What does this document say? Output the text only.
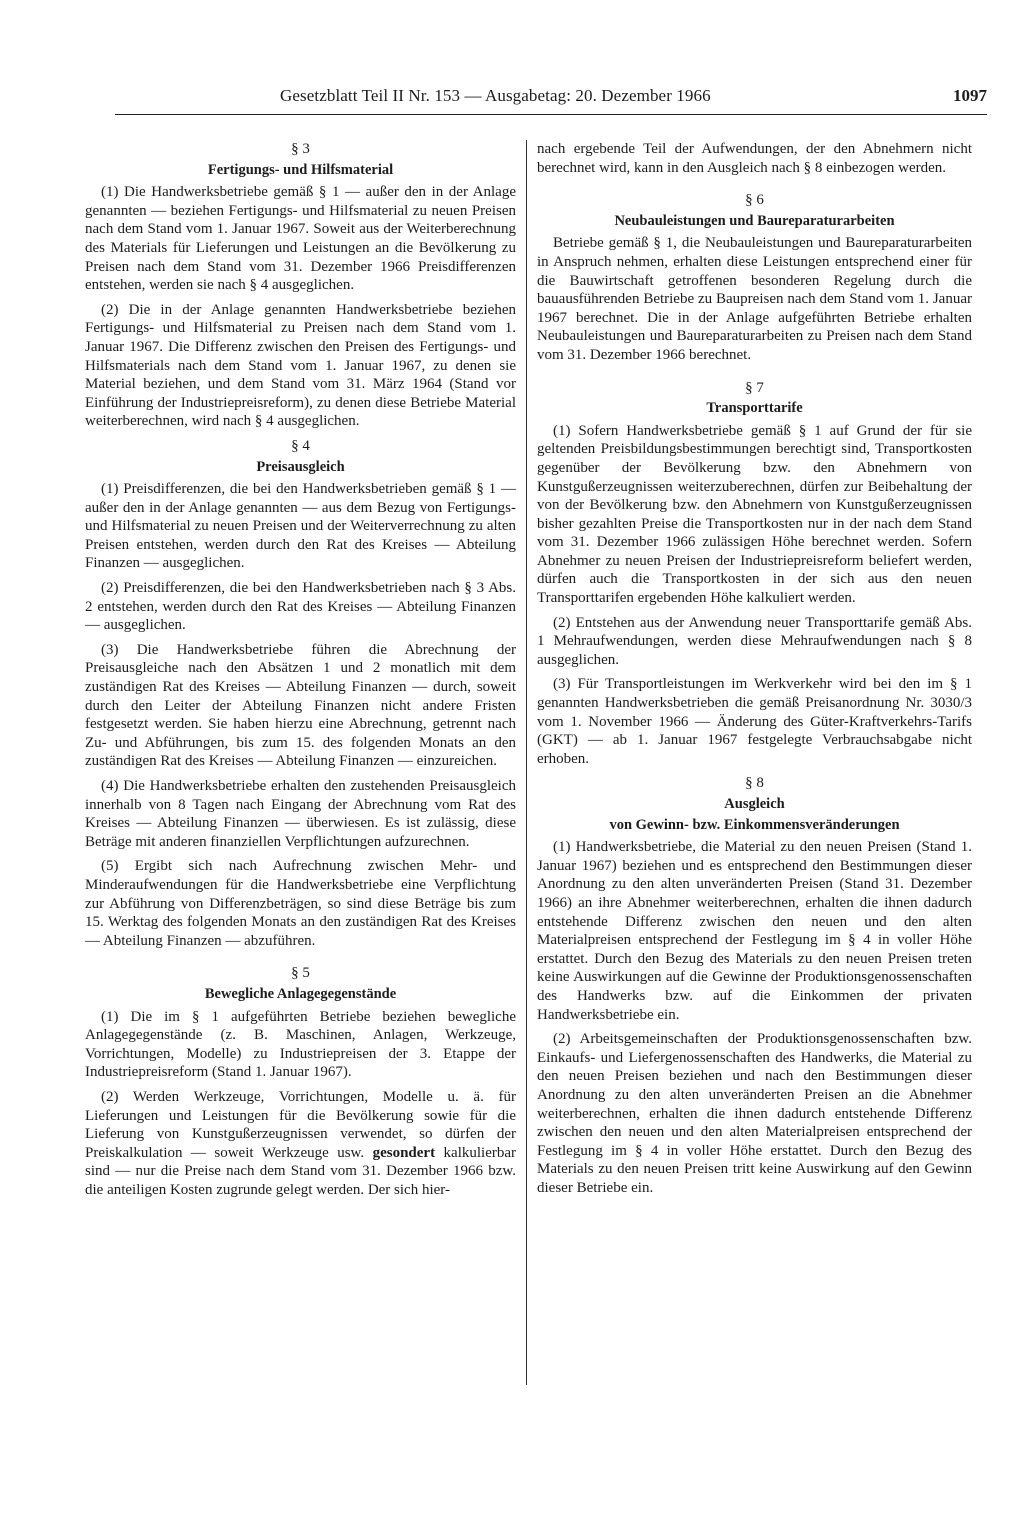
Gesetzblatt Teil II Nr. 153 — Ausgabetag: 20. Dezember 1966	1097
§ 3
Fertigungs- und Hilfsmaterial

(1) Die Handwerksbetriebe gemäß § 1 — außer den in der Anlage genannten — beziehen Fertigungs- und Hilfsmaterial zu neuen Preisen nach dem Stand vom 1. Januar 1967. Soweit aus der Weiterberechnung des Materials für Lieferungen und Leistungen an die Bevölkerung zu Preisen nach dem Stand vom 31. Dezember 1966 Preisdifferenzen entstehen, werden sie nach § 4 ausgeglichen.

(2) Die in der Anlage genannten Handwerksbetriebe beziehen Fertigungs- und Hilfsmaterial zu Preisen nach dem Stand vom 1. Januar 1967. Die Differenz zwischen den Preisen des Fertigungs- und Hilfsmaterials nach dem Stand vom 1. Januar 1967, zu denen sie Material beziehen, und dem Stand vom 31. März 1964 (Stand vor Einführung der Industriepreisreform), zu denen diese Betriebe Material weiterberechnen, wird nach § 4 ausgeglichen.

§ 4
Preisausgleich

(1) Preisdifferenzen, die bei den Handwerksbetrieben gemäß § 1 — außer den in der Anlage genannten — aus dem Bezug von Fertigungs- und Hilfsmaterial zu neuen Preisen und der Weiterverrechnung zu alten Preisen entstehen, werden durch den Rat des Kreises — Abteilung Finanzen — ausgeglichen.

(2) Preisdifferenzen, die bei den Handwerksbetrieben nach § 3 Abs. 2 entstehen, werden durch den Rat des Kreises — Abteilung Finanzen — ausgeglichen.

(3) Die Handwerksbetriebe führen die Abrechnung der Preisausgleiche nach den Absätzen 1 und 2 monatlich mit dem zuständigen Rat des Kreises — Abteilung Finanzen — durch, soweit durch den Leiter der Abteilung Finanzen nicht andere Fristen festgesetzt werden. Sie haben hierzu eine Abrechnung, getrennt nach Zu- und Abführungen, bis zum 15. des folgenden Monats an den zuständigen Rat des Kreises — Abteilung Finanzen — einzureichen.

(4) Die Handwerksbetriebe erhalten den zustehenden Preisausgleich innerhalb von 8 Tagen nach Eingang der Abrechnung vom Rat des Kreises — Abteilung Finanzen — überwiesen. Es ist zulässig, diese Beträge mit anderen finanziellen Verpflichtungen aufzurechnen.

(5) Ergibt sich nach Aufrechnung zwischen Mehr- und Minderaufwendungen für die Handwerksbetriebe eine Verpflichtung zur Abführung von Differenzbeträgen, so sind diese Beträge bis zum 15. Werktag des folgenden Monats an den zuständigen Rat des Kreises — Abteilung Finanzen — abzuführen.

§ 5
Bewegliche Anlagegegenstände

(1) Die im § 1 aufgeführten Betriebe beziehen bewegliche Anlagegegenstände (z. B. Maschinen, Anlagen, Werkzeuge, Vorrichtungen, Modelle) zu Industriepreisen der 3. Etappe der Industriepreisreform (Stand 1. Januar 1967).

(2) Werden Werkzeuge, Vorrichtungen, Modelle u. ä. für Lieferungen und Leistungen für die Bevölkerung sowie für die Lieferung von Kunstgußerzeugnissen verwendet, so dürfen der Preiskalkulation — soweit Werkzeuge usw. gesondert kalkulierbar sind — nur die Preise nach dem Stand vom 31. Dezember 1966 bzw. die anteiligen Kosten zugrunde gelegt werden. Der sich hier-

nach ergebende Teil der Aufwendungen, der den Abnehmern nicht berechnet wird, kann in den Ausgleich nach § 8 einbezogen werden.

§ 6
Neubauleistungen und Baureparaturarbeiten

Betriebe gemäß § 1, die Neubauleistungen und Baureparaturarbeiten in Anspruch nehmen, erhalten diese Leistungen entsprechend einer für die Bauwirtschaft getroffenen besonderen Regelung durch die bauausführenden Betriebe zu Baupreisen nach dem Stand vom 1. Januar 1967 berechnet. Die in der Anlage aufgeführten Betriebe erhalten Neubauleistungen und Baureparaturarbeiten zu Preisen nach dem Stand vom 31. Dezember 1966 berechnet.

§ 7
Transporttarife

(1) Sofern Handwerksbetriebe gemäß § 1 auf Grund der für sie geltenden Preisbildungsbestimmungen berechtigt sind, Transportkosten gegenüber der Bevölkerung bzw. den Abnehmern von Kunstgußerzeugnissen weiterzuberechnen, dürfen zur Beibehaltung der von der Bevölkerung bzw. den Abnehmern von Kunstgußerzeugnissen bisher gezahlten Preise die Transportkosten nur in der nach dem Stand vom 31. Dezember 1966 zulässigen Höhe berechnet werden. Sofern Abnehmer zu neuen Preisen der Industriepreisreform beliefert werden, dürfen auch die Transportkosten in der sich aus den neuen Transporttarifen ergebenden Höhe kalkuliert werden.

(2) Entstehen aus der Anwendung neuer Transporttarife gemäß Abs. 1 Mehraufwendungen, werden diese Mehraufwendungen nach § 8 ausgeglichen.

(3) Für Transportleistungen im Werkverkehr wird bei den im § 1 genannten Handwerksbetrieben die gemäß Preisanordnung Nr. 3030/3 vom 1. November 1966 — Änderung des Güter-Kraftverkehrs-Tarifs (GKT) — ab 1. Januar 1967 festgelegte Verbrauchsabgabe nicht erhoben.

§ 8
Ausgleich
von Gewinn- bzw. Einkommensveränderungen

(1) Handwerksbetriebe, die Material zu den neuen Preisen (Stand 1. Januar 1967) beziehen und es entsprechend den Bestimmungen dieser Anordnung zu den alten unveränderten Preisen (Stand 31. Dezember 1966) an ihre Abnehmer weiterberechnen, erhalten die ihnen dadurch entstehende Differenz zwischen den neuen und den alten Materialpreisen entsprechend der Festlegung im § 4 in voller Höhe erstattet. Durch den Bezug des Materials zu den neuen Preisen treten keine Auswirkungen auf die Gewinne der Produktionsgenossenschaften des Handwerks bzw. auf die Einkommen der privaten Handwerksbetriebe ein.

(2) Arbeitsgemeinschaften der Produktionsgenossenschaften bzw. Einkaufs- und Liefergenossenschaften des Handwerks, die Material zu den neuen Preisen beziehen und nach den Bestimmungen dieser Anordnung zu den alten unveränderten Preisen an die Abnehmer weiterberechnen, erhalten die ihnen dadurch entstehende Differenz zwischen den neuen und den alten Materialpreisen entsprechend der Festlegung im § 4 in voller Höhe erstattet. Durch den Bezug des Materials zu den neuen Preisen tritt keine Auswirkung auf den Gewinn dieser Betriebe ein.
